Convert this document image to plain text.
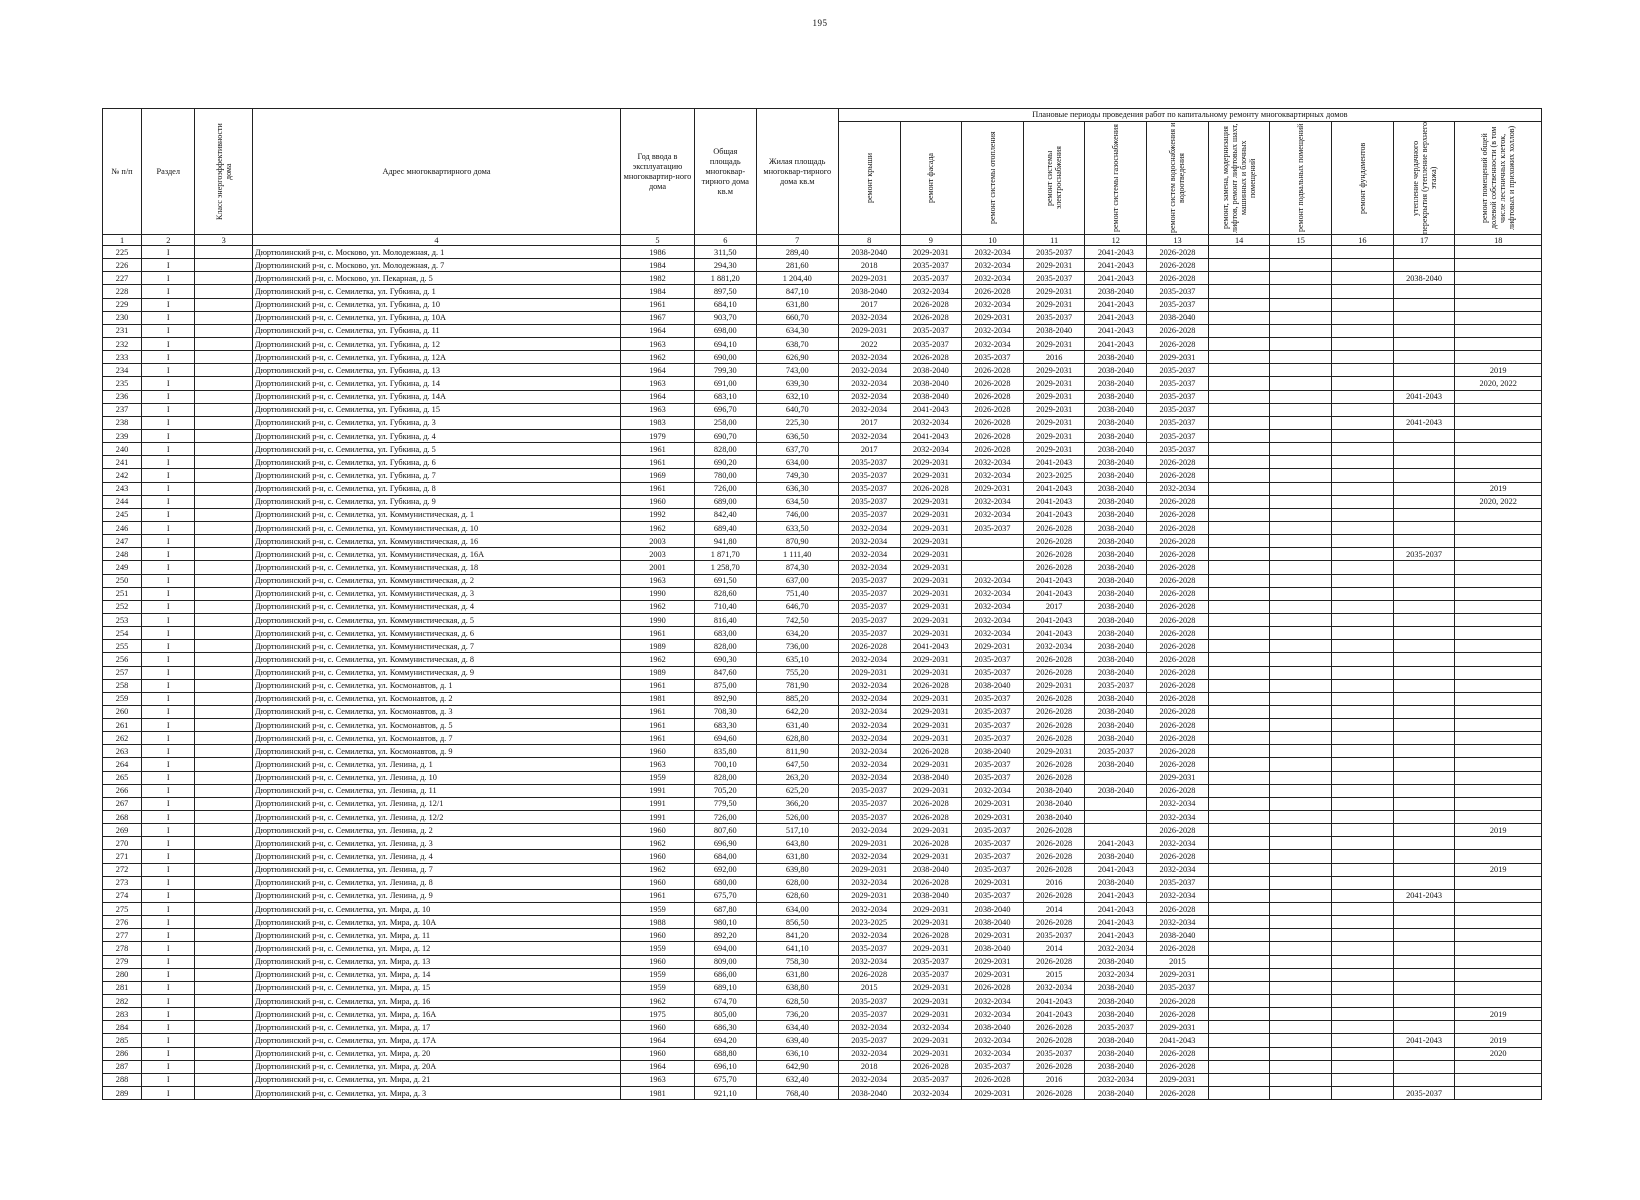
195
№ п/п	Раздел	Класс энергоэффективности дома	Адрес многоквартирного дома	Год ввода в эксплуатацию многоквартир-ного дома	Общая площадь многоквар-тирного дома кв.м	Жилая площадь многоквар-тирного дома кв.м	Плановые периоды проведения работ по капитальному ремонту многоквартирных домов										

							ремонт крыши	ремонт фасада	ремонт системы отопления	ремонт системы электроснабжения	ремонт системы газоснабжения	ремонт систем водоснабжения и водоотведения	ремонт, замена, модернизация лифтов, ремонт лифтовых шахт, машинных и блочных помещений	ремонт подвальных помещений	ремонт фундаментов	утепление чердачного перекрытия (утепление верхнего этажа)	ремонт помещений общей долевой собственности (в том числе лестничных клеток, лифтовых и прихожих холлов)

1	2	3	4	5	6	7	8	9	10	11	12	13	14	15	16	17	18
225	I		Дюртюлинский р-н, с. Москово, ул. Молодежная, д. 1	1986	311,50	289,40	2038-2040	2029-2031	2032-2034	2035-2037	2041-2043	2026-2028					
226	I		Дюртюлинский р-н, с. Москово, ул. Молодежная, д. 7	1984	294,30	281,60	2018	2035-2037	2032-2034	2029-2031	2041-2043	2026-2028					
227	I		Дюртюлинский р-н, с. Москово, ул. Пекарная, д. 5	1982	1 881,20	1 204,40	2029-2031	2035-2037	2032-2034	2035-2037	2041-2043	2026-2028				2038-2040	
228	I		Дюртюлинский р-н, с. Семилетка, ул. Губкина, д. 1	1984	897,50	847,10	2038-2040	2032-2034	2026-2028	2029-2031	2038-2040	2035-2037					
229	I		Дюртюлинский р-н, с. Семилетка, ул. Губкина, д. 10	1961	684,10	631,80	2017	2026-2028	2032-2034	2029-2031	2041-2043	2035-2037					
230	I		Дюртюлинский р-н, с. Семилетка, ул. Губкина, д. 10А	1967	903,70	660,70	2032-2034	2026-2028	2029-2031	2035-2037	2041-2043	2038-2040					
231	I		Дюртюлинский р-н, с. Семилетка, ул. Губкина, д. 11	1964	698,00	634,30	2029-2031	2035-2037	2032-2034	2038-2040	2041-2043	2026-2028					
232	I		Дюртюлинский р-н, с. Семилетка, ул. Губкина, д. 12	1963	694,10	638,70	2022	2035-2037	2032-2034	2029-2031	2041-2043	2026-2028					
233	I		Дюртюлинский р-н, с. Семилетка, ул. Губкина, д. 12А	1962	690,00	626,90	2032-2034	2026-2028	2035-2037	2016	2038-2040	2029-2031					
234	I		Дюртюлинский р-н, с. Семилетка, ул. Губкина, д. 13	1964	799,30	743,00	2032-2034	2038-2040	2026-2028	2029-2031	2038-2040	2035-2037					2019
235	I		Дюртюлинский р-н, с. Семилетка, ул. Губкина, д. 14	1963	691,00	639,30	2032-2034	2038-2040	2026-2028	2029-2031	2038-2040	2035-2037					2020, 2022
236	I		Дюртюлинский р-н, с. Семилетка, ул. Губкина, д. 14А	1964	683,10	632,10	2032-2034	2038-2040	2026-2028	2029-2031	2038-2040	2035-2037				2041-2043	
237	I		Дюртюлинский р-н, с. Семилетка, ул. Губкина, д. 15	1963	696,70	640,70	2032-2034	2041-2043	2026-2028	2029-2031	2038-2040	2035-2037					
238	I		Дюртюлинский р-н, с. Семилетка, ул. Губкина, д. 3	1983	258,00	225,30	2017	2032-2034	2026-2028	2029-2031	2038-2040	2035-2037				2041-2043	
239	I		Дюртюлинский р-н, с. Семилетка, ул. Губкина, д. 4	1979	690,70	636,50	2032-2034	2041-2043	2026-2028	2029-2031	2038-2040	2035-2037					
240	I		Дюртюлинский р-н, с. Семилетка, ул. Губкина, д. 5	1961	828,00	637,70	2017	2032-2034	2026-2028	2029-2031	2038-2040	2035-2037					
241	I		Дюртюлинский р-н, с. Семилетка, ул. Губкина, д. 6	1961	690,20	634,00	2035-2037	2029-2031	2032-2034	2041-2043	2038-2040	2026-2028					
242	I		Дюртюлинский р-н, с. Семилетка, ул. Губкина, д. 7	1969	780,00	749,30	2035-2037	2029-2031	2032-2034	2023-2025	2038-2040	2026-2028					
243	I		Дюртюлинский р-н, с. Семилетка, ул. Губкина, д. 8	1961	726,00	636,30	2035-2037	2026-2028	2029-2031	2041-2043	2038-2040	2032-2034					2019
244	I		Дюртюлинский р-н, с. Семилетка, ул. Губкина, д. 9	1960	689,00	634,50	2035-2037	2029-2031	2032-2034	2041-2043	2038-2040	2026-2028					2020, 2022
245	I		Дюртюлинский р-н, с. Семилетка, ул. Коммунистическая, д. 1	1992	842,40	746,00	2035-2037	2029-2031	2032-2034	2041-2043	2038-2040	2026-2028					
246	I		Дюртюлинский р-н, с. Семилетка, ул. Коммунистическая, д. 10	1962	689,40	633,50	2032-2034	2029-2031	2035-2037	2026-2028	2038-2040	2026-2028					
247	I		Дюртюлинский р-н, с. Семилетка, ул. Коммунистическая, д. 16	2003	941,80	870,90	2032-2034	2029-2031		2026-2028	2038-2040	2026-2028					
248	I		Дюртюлинский р-н, с. Семилетка, ул. Коммунистическая, д. 16А	2003	1 871,70	1 111,40	2032-2034	2029-2031		2026-2028	2038-2040	2026-2028				2035-2037	
249	I		Дюртюлинский р-н, с. Семилетка, ул. Коммунистическая, д. 18	2001	1 258,70	874,30	2032-2034	2029-2031		2026-2028	2038-2040	2026-2028					
250	I		Дюртюлинский р-н, с. Семилетка, ул. Коммунистическая, д. 2	1963	691,50	637,00	2035-2037	2029-2031	2032-2034	2041-2043	2038-2040	2026-2028					
251	I		Дюртюлинский р-н, с. Семилетка, ул. Коммунистическая, д. 3	1990	828,60	751,40	2035-2037	2029-2031	2032-2034	2041-2043	2038-2040	2026-2028					
252	I		Дюртюлинский р-н, с. Семилетка, ул. Коммунистическая, д. 4	1962	710,40	646,70	2035-2037	2029-2031	2032-2034	2017	2038-2040	2026-2028					
253	I		Дюртюлинский р-н, с. Семилетка, ул. Коммунистическая, д. 5	1990	816,40	742,50	2035-2037	2029-2031	2032-2034	2041-2043	2038-2040	2026-2028					
254	I		Дюртюлинский р-н, с. Семилетка, ул. Коммунистическая, д. 6	1961	683,00	634,20	2035-2037	2029-2031	2032-2034	2041-2043	2038-2040	2026-2028					
255	I		Дюртюлинский р-н, с. Семилетка, ул. Коммунистическая, д. 7	1989	828,00	736,00	2026-2028	2041-2043	2029-2031	2032-2034	2038-2040	2026-2028					
256	I		Дюртюлинский р-н, с. Семилетка, ул. Коммунистическая, д. 8	1962	690,30	635,10	2032-2034	2029-2031	2035-2037	2026-2028	2038-2040	2026-2028					
257	I		Дюртюлинский р-н, с. Семилетка, ул. Коммунистическая, д. 9	1989	847,60	755,20	2029-2031	2029-2031	2035-2037	2026-2028	2038-2040	2026-2028					
258	I		Дюртюлинский р-н, с. Семилетка, ул. Космонавтов, д. 1	1961	875,00	781,90	2032-2034	2026-2028	2038-2040	2029-2031	2035-2037	2026-2028					
259	I		Дюртюлинский р-н, с. Семилетка, ул. Космонавтов, д. 2	1981	892,90	885,20	2032-2034	2029-2031	2035-2037	2026-2028	2038-2040	2026-2028					
260	I		Дюртюлинский р-н, с. Семилетка, ул. Космонавтов, д. 3	1961	708,30	642,20	2032-2034	2029-2031	2035-2037	2026-2028	2038-2040	2026-2028					
261	I		Дюртюлинский р-н, с. Семилетка, ул. Космонавтов, д. 5	1961	683,30	631,40	2032-2034	2029-2031	2035-2037	2026-2028	2038-2040	2026-2028					
262	I		Дюртюлинский р-н, с. Семилетка, ул. Космонавтов, д. 7	1961	694,60	628,80	2032-2034	2029-2031	2035-2037	2026-2028	2038-2040	2026-2028					
263	I		Дюртюлинский р-н, с. Семилетка, ул. Космонавтов, д. 9	1960	835,80	811,90	2032-2034	2026-2028	2038-2040	2029-2031	2035-2037	2026-2028					
264	I		Дюртюлинский р-н, с. Семилетка, ул. Ленина, д. 1	1963	700,10	647,50	2032-2034	2029-2031	2035-2037	2026-2028	2038-2040	2026-2028					
265	I		Дюртюлинский р-н, с. Семилетка, ул. Ленина, д. 10	1959	828,00	263,20	2032-2034	2038-2040	2035-2037	2026-2028		2029-2031					
266	I		Дюртюлинский р-н, с. Семилетка, ул. Ленина, д. 11	1991	705,20	625,20	2035-2037	2029-2031	2032-2034	2038-2040	2038-2040	2026-2028					
267	I		Дюртюлинский р-н, с. Семилетка, ул. Ленина, д. 12/1	1991	779,50	366,20	2035-2037	2026-2028	2029-2031	2038-2040		2032-2034					
268	I		Дюртюлинский р-н, с. Семилетка, ул. Ленина, д. 12/2	1991	726,00	526,00	2035-2037	2026-2028	2029-2031	2038-2040		2032-2034					
269	I		Дюртюлинский р-н, с. Семилетка, ул. Ленина, д. 2	1960	807,60	517,10	2032-2034	2029-2031	2035-2037	2026-2028		2026-2028					2019
270	I		Дюртюлинский р-н, с. Семилетка, ул. Ленина, д. 3	1962	696,90	643,80	2029-2031	2026-2028	2035-2037	2026-2028	2041-2043	2032-2034					
271	I		Дюртюлинский р-н, с. Семилетка, ул. Ленина, д. 4	1960	684,00	631,80	2032-2034	2029-2031	2035-2037	2026-2028	2038-2040	2026-2028					
272	I		Дюртюлинский р-н, с. Семилетка, ул. Ленина, д. 7	1962	692,00	639,80	2029-2031	2038-2040	2035-2037	2026-2028	2041-2043	2032-2034					2019
273	I		Дюртюлинский р-н, с. Семилетка, ул. Ленина, д. 8	1960	680,00	628,00	2032-2034	2026-2028	2029-2031	2016	2038-2040	2035-2037					
274	I		Дюртюлинский р-н, с. Семилетка, ул. Ленина, д. 9	1961	675,70	628,60	2029-2031	2038-2040	2035-2037	2026-2028	2041-2043	2032-2034				2041-2043	
275	I		Дюртюлинский р-н, с. Семилетка, ул. Мира, д. 10	1959	687,80	634,00	2032-2034	2029-2031	2038-2040	2014	2041-2043	2026-2028					
276	I		Дюртюлинский р-н, с. Семилетка, ул. Мира, д. 10А	1988	980,10	856,50	2023-2025	2029-2031	2038-2040	2026-2028	2041-2043	2032-2034					
277	I		Дюртюлинский р-н, с. Семилетка, ул. Мира, д. 11	1960	892,20	841,20	2032-2034	2026-2028	2029-2031	2035-2037	2041-2043	2038-2040					
278	I		Дюртюлинский р-н, с. Семилетка, ул. Мира, д. 12	1959	694,00	641,10	2035-2037	2029-2031	2038-2040	2014	2032-2034	2026-2028					
279	I		Дюртюлинский р-н, с. Семилетка, ул. Мира, д. 13	1960	809,00	758,30	2032-2034	2035-2037	2029-2031	2026-2028	2038-2040	2015					
280	I		Дюртюлинский р-н, с. Семилетка, ул. Мира, д. 14	1959	686,00	631,80	2026-2028	2035-2037	2029-2031	2015	2032-2034	2029-2031					
281	I		Дюртюлинский р-н, с. Семилетка, ул. Мира, д. 15	1959	689,10	638,80	2015	2029-2031	2026-2028	2032-2034	2038-2040	2035-2037					
282	I		Дюртюлинский р-н, с. Семилетка, ул. Мира, д. 16	1962	674,70	628,50	2035-2037	2029-2031	2032-2034	2041-2043	2038-2040	2026-2028					
283	I		Дюртюлинский р-н, с. Семилетка, ул. Мира, д. 16А	1975	805,00	736,20	2035-2037	2029-2031	2032-2034	2041-2043	2038-2040	2026-2028					2019
284	I		Дюртюлинский р-н, с. Семилетка, ул. Мира, д. 17	1960	686,30	634,40	2032-2034	2032-2034	2038-2040	2026-2028	2035-2037	2029-2031					
285	I		Дюртюлинский р-н, с. Семилетка, ул. Мира, д. 17А	1964	694,20	639,40	2035-2037	2029-2031	2032-2034	2026-2028	2038-2040	2041-2043				2041-2043	2019
286	I		Дюртюлинский р-н, с. Семилетка, ул. Мира, д. 20	1960	688,80	636,10	2032-2034	2029-2031	2032-2034	2035-2037	2038-2040	2026-2028					2020
287	I		Дюртюлинский р-н, с. Семилетка, ул. Мира, д. 20А	1964	696,10	642,90	2018	2026-2028	2035-2037	2026-2028	2038-2040	2026-2028					
288	I		Дюртюлинский р-н, с. Семилетка, ул. Мира, д. 21	1963	675,70	632,40	2032-2034	2035-2037	2026-2028	2016	2032-2034	2029-2031					
289	I		Дюртюлинский р-н, с. Семилетка, ул. Мира, д. 3	1981	921,10	768,40	2038-2040	2032-2034	2029-2031	2026-2028	2038-2040	2026-2028				2035-2037	
